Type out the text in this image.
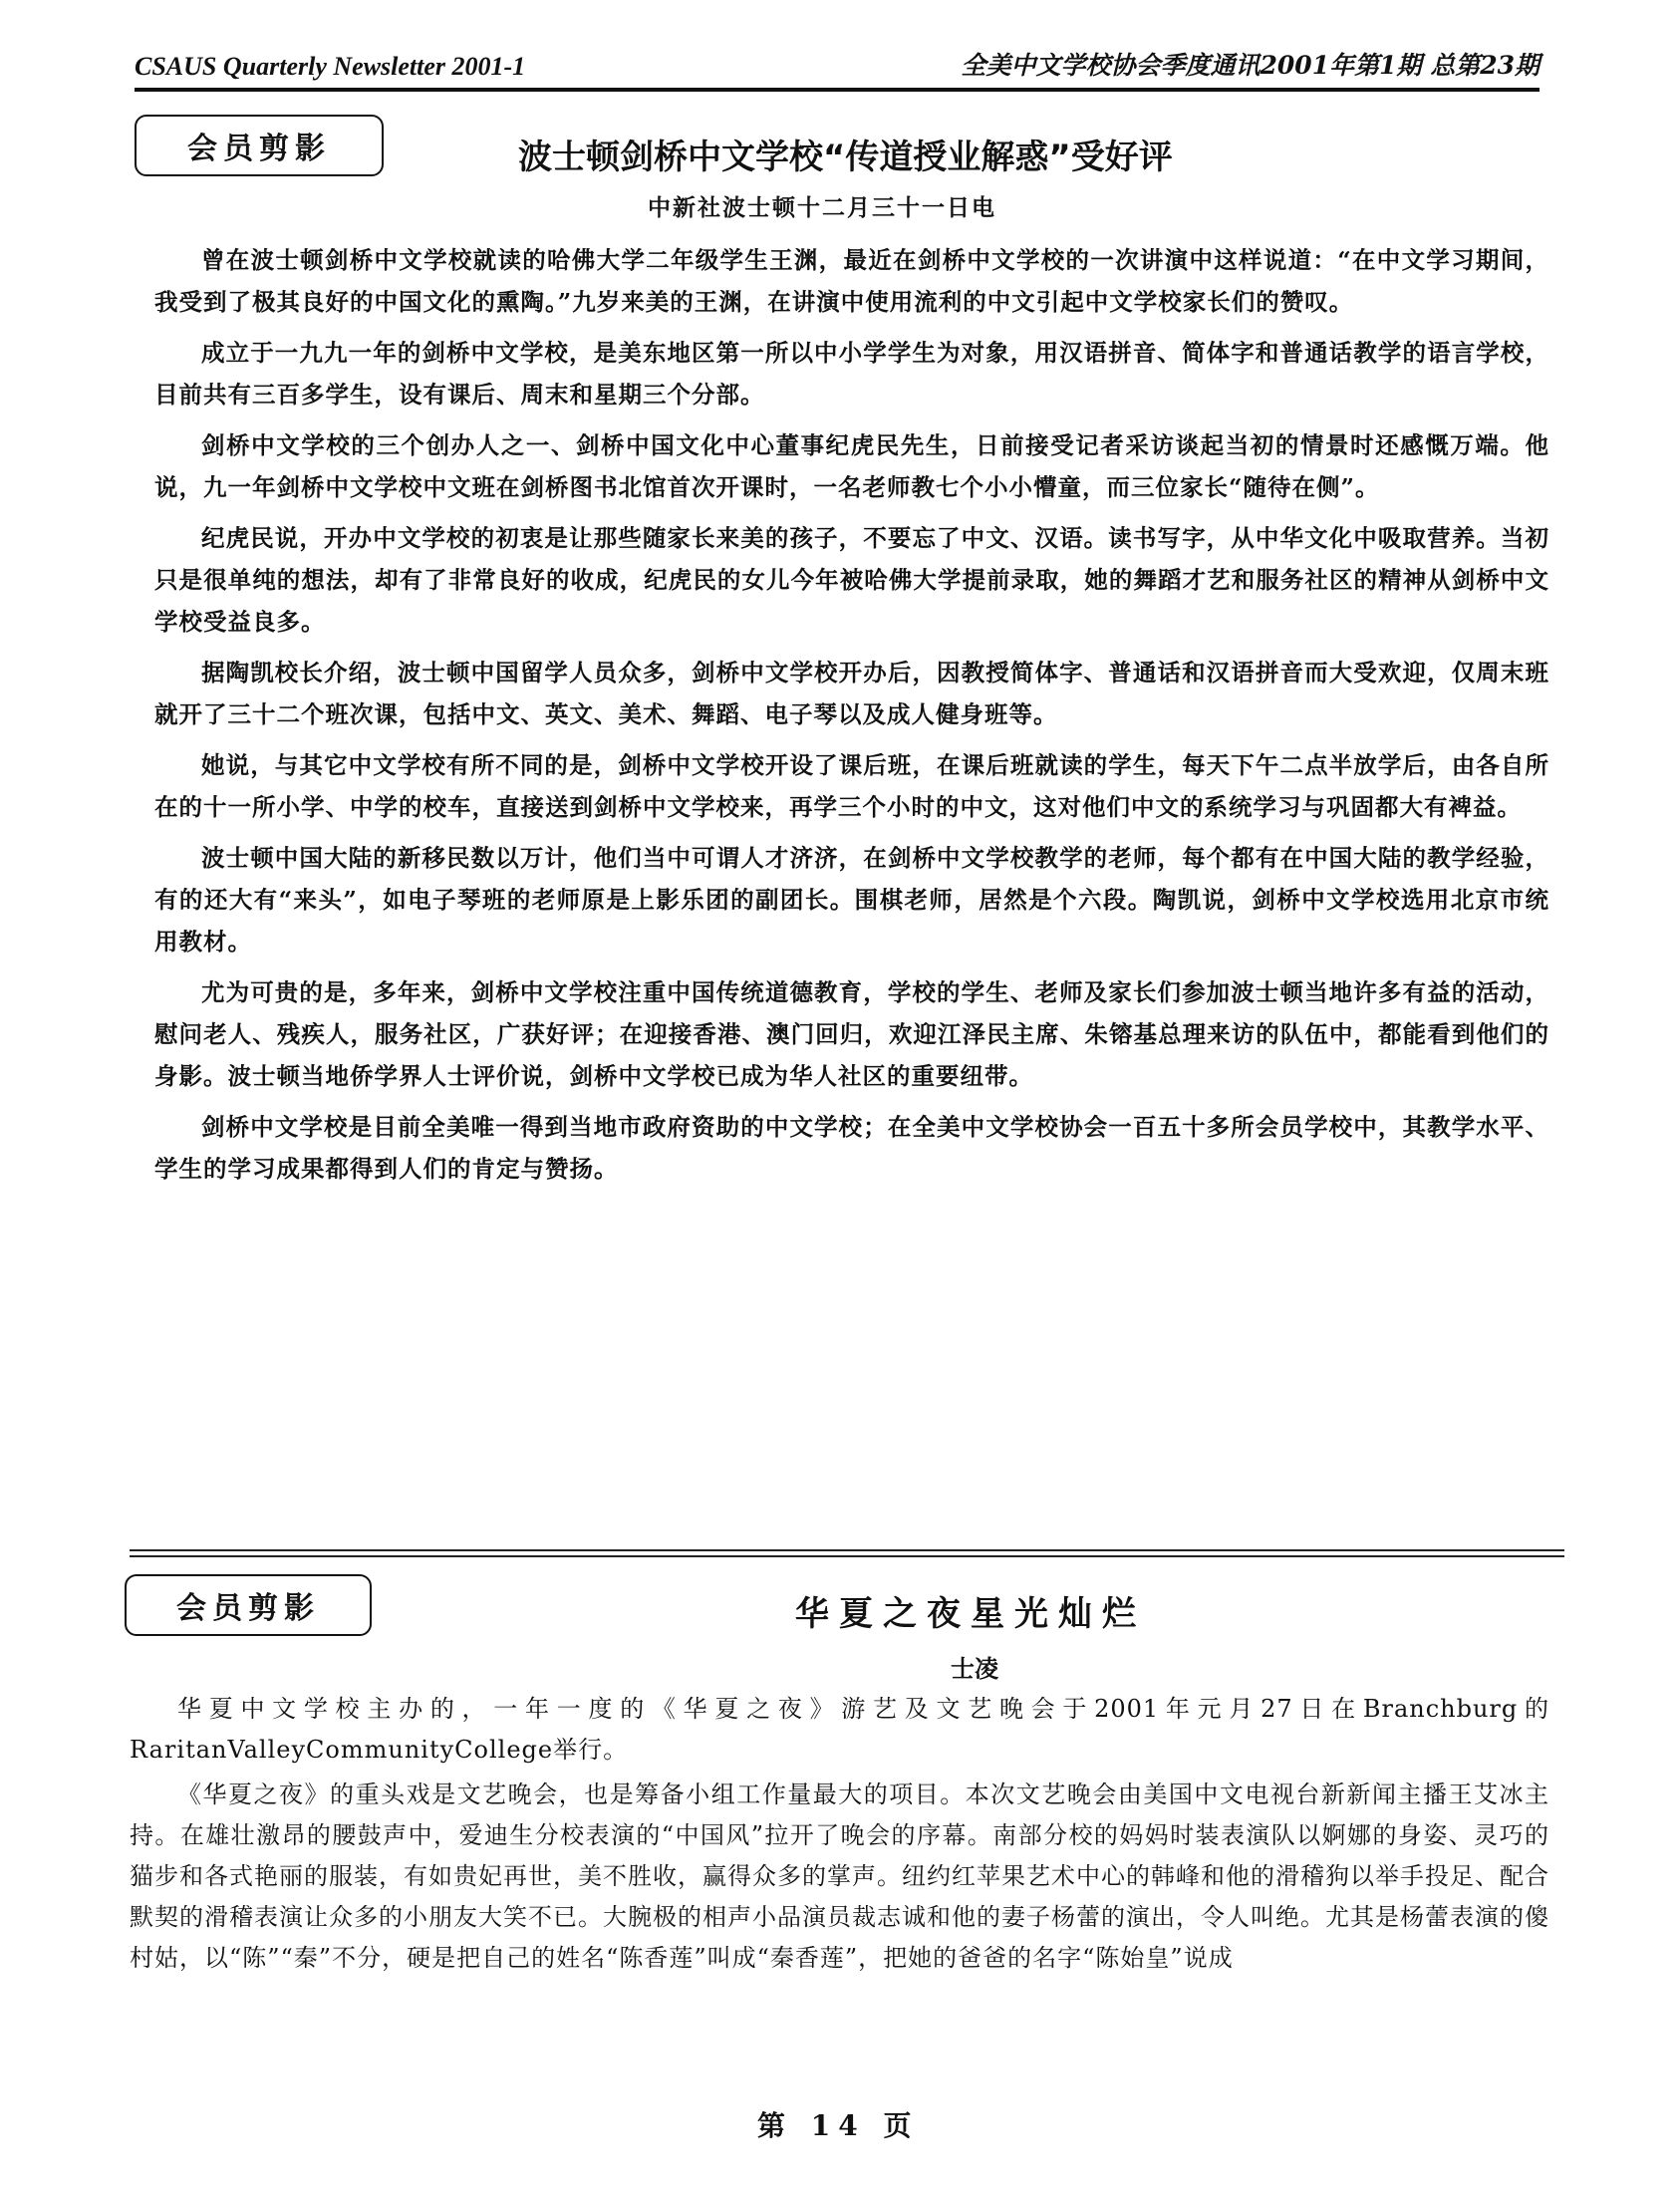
CSAUS Quarterly Newsletter 2001-1	全美中文学校协会季度通讯2001年第1期 总第23期
会员剪影	波士顿剑桥中文学校“传道授业解惑”受好评
中新社波士顿十二月三十一日电

曾在波士顿剑桥中文学校就读的哈佛大学二年级学生王渊，最近在剑桥中文学校的一次讲演中这样说道：“在中文学习期间，我受到了极其良好的中国文化的熏陶。”九岁来美的王渊，在讲演中使用流利的中文引起中文学校家长们的赞叹。

成立于一九九一年的剑桥中文学校，是美东地区第一所以中小学学生为对象，用汉语拼音、简体字和普通话教学的语言学校，目前共有三百多学生，设有课后、周末和星期三个分部。

剑桥中文学校的三个创办人之一、剑桥中国文化中心董事纪虎民先生，日前接受记者采访谈起当初的情景时还感慨万端。他说，九一年剑桥中文学校中文班在剑桥图书北馆首次开课时，一名老师教七个小小懵童，而三位家长“随待在侧”。

纪虎民说，开办中文学校的初衷是让那些随家长来美的孩子，不要忘了中文、汉语。读书写字，从中华文化中吸取营养。当初只是很单纯的想法，却有了非常良好的收成，纪虎民的女儿今年被哈佛大学提前录取，她的舞蹈才艺和服务社区的精神从剑桥中文学校受益良多。

据陶凯校长介绍，波士顿中国留学人员众多，剑桥中文学校开办后，因教授简体字、普通话和汉语拼音而大受欢迎，仅周末班就开了三十二个班次课，包括中文、英文、美术、舞蹈、电子琴以及成人健身班等。

她说，与其它中文学校有所不同的是，剑桥中文学校开设了课后班，在课后班就读的学生，每天下午二点半放学后，由各自所在的十一所小学、中学的校车，直接送到剑桥中文学校来，再学三个小时的中文，这对他们中文的系统学习与巩固都大有裨益。

波士顿中国大陆的新移民数以万计，他们当中可谓人才济济，在剑桥中文学校教学的老师，每个都有在中国大陆的教学经验，有的还大有“来头”，如电子琴班的老师原是上影乐团的副团长。围棋老师，居然是个六段。陶凯说，剑桥中文学校选用北京市统用教材。

尤为可贵的是，多年来，剑桥中文学校注重中国传统道德教育，学校的学生、老师及家长们参加波士顿当地许多有益的活动，慰问老人、残疾人，服务社区，广获好评；在迎接香港、澳门回归，欢迎江泽民主席、朱镕基总理来访的队伍中，都能看到他们的身影。波士顿当地侨学界人士评价说，剑桥中文学校已成为华人社区的重要纽带。

剑桥中文学校是目前全美唯一得到当地市政府资助的中文学校；在全美中文学校协会一百五十多所会员学校中，其教学水平、学生的学习成果都得到人们的肯定与赞扬。

会员剪影	华夏之夜星光灿烂
士凌

华夏中文学校主办的，一年一度的《华夏之夜》游艺及文艺晚会于2001年元月27日在Branchburg的RaritanValleyCommunityCollege举行。

《华夏之夜》的重头戏是文艺晚会，也是筹备小组工作量最大的项目。本次文艺晚会由美国中文电视台新新闻主播王艾冰主持。在雄壮激昂的腰鼓声中，爱迪生分校表演的“中国风”拉开了晚会的序幕。南部分校的妈妈时装表演队以婀娜的身姿、灵巧的猫步和各式艳丽的服装，有如贵妃再世，美不胜收，赢得众多的掌声。纽约红苹果艺术中心的韩峰和他的滑稽狗以举手投足、配合默契的滑稽表演让众多的小朋友大笑不已。大腕极的相声小品演员裁志诚和他的妻子杨蕾的演出，令人叫绝。尤其是杨蕾表演的傻村姑，以“陈”“秦”不分，硬是把自己的姓名“陈香莲”叫成“秦香莲”，把她的爸爸的名字“陈始皇”说成

第 14 页
